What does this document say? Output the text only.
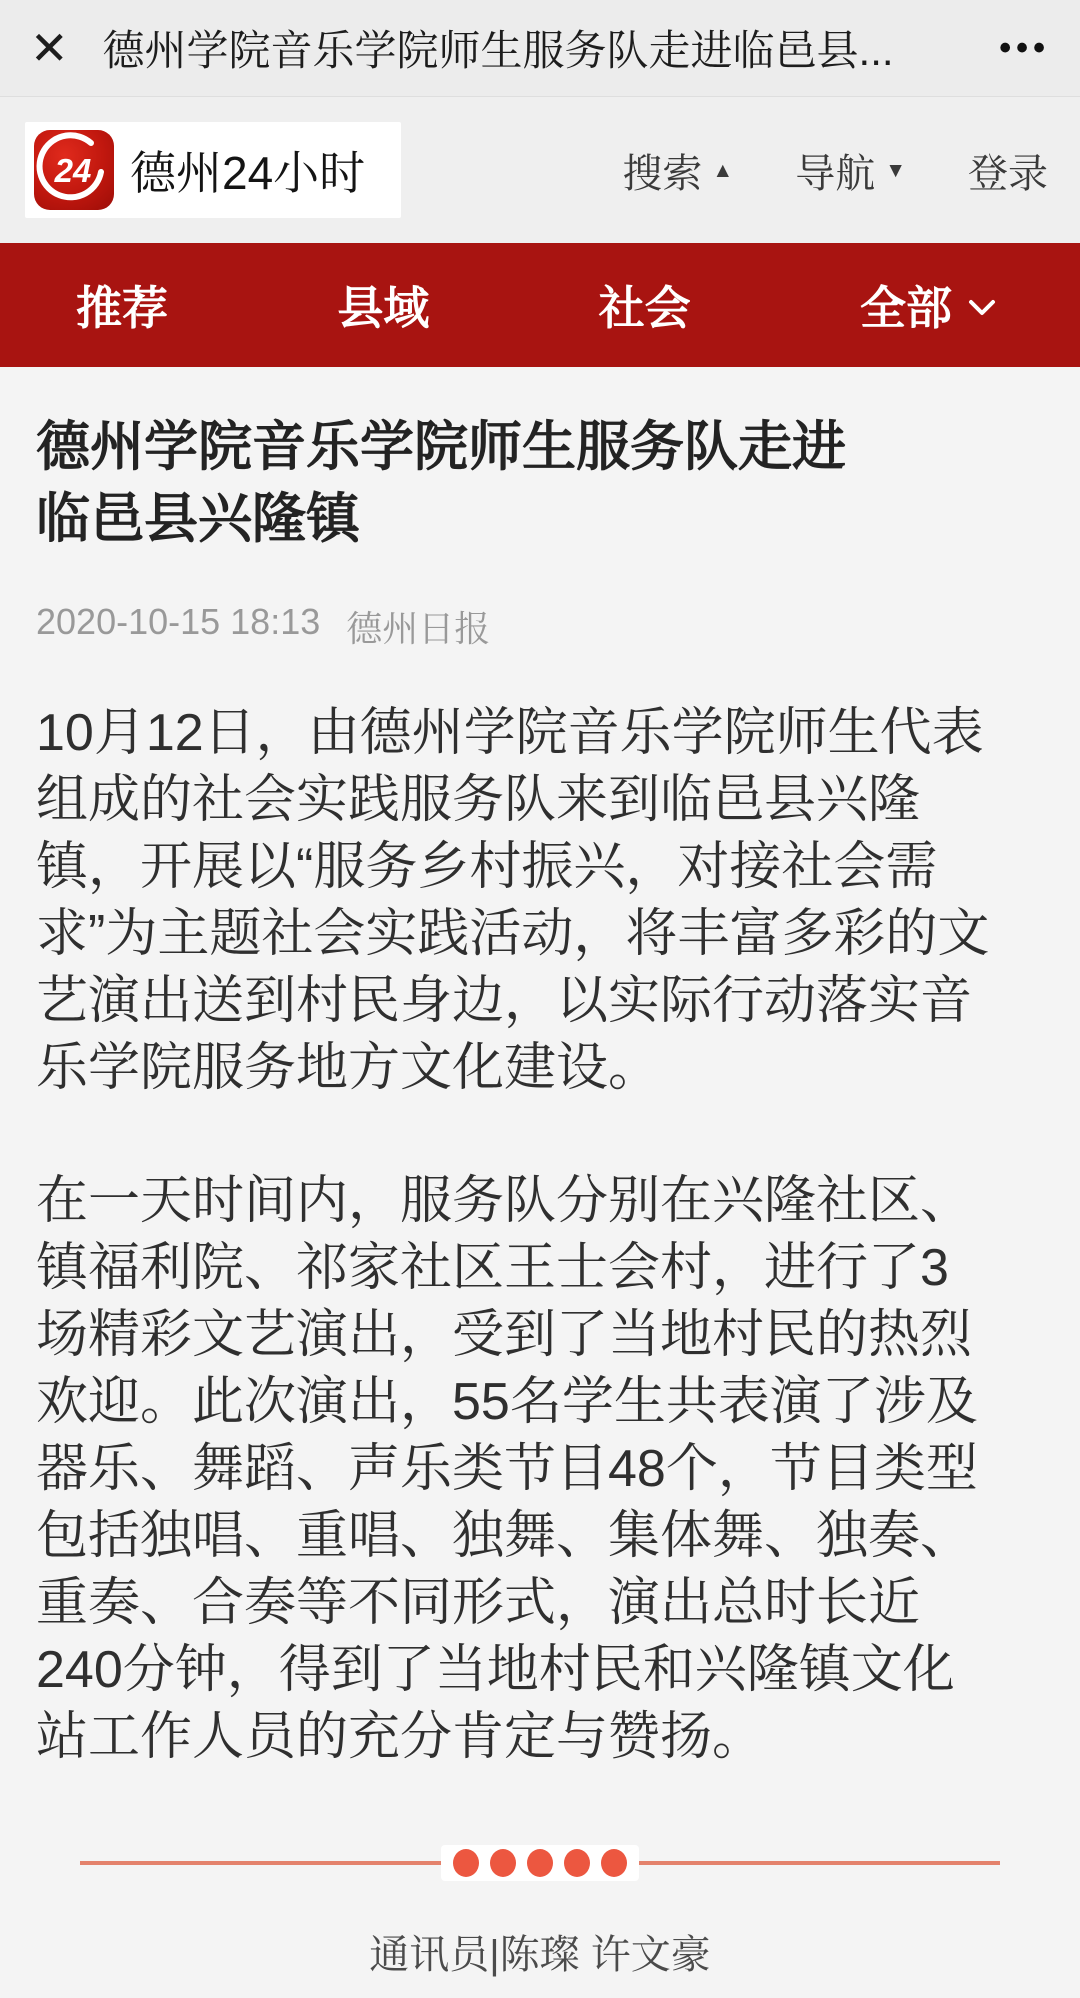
✕ 德州学院音乐学院师生服务队走进临邑县...	•••
24 德州24小时	搜索 ▲ 导航 ▼ 登录
推荐	县域	社会	全部
德州学院音乐学院师生服务队走进临邑县兴隆镇
2020-10-15 18:13 德州日报

10月12日，由德州学院音乐学院师生代表组成的社会实践服务队来到临邑县兴隆镇，开展以“服务乡村振兴，对接社会需求”为主题社会实践活动，将丰富多彩的文艺演出送到村民身边，以实际行动落实音乐学院服务地方文化建设。

在一天时间内，服务队分别在兴隆社区、镇福利院、祁家社区王士会村，进行了3场精彩文艺演出，受到了当地村民的热烈欢迎。此次演出，55名学生共表演了涉及器乐、舞蹈、声乐类节目48个，节目类型包括独唱、重唱、独舞、集体舞、独奏、重奏、合奏等不同形式，演出总时长近240分钟，得到了当地村民和兴隆镇文化站工作人员的充分肯定与赞扬。

通讯员|陈璨 许文豪
